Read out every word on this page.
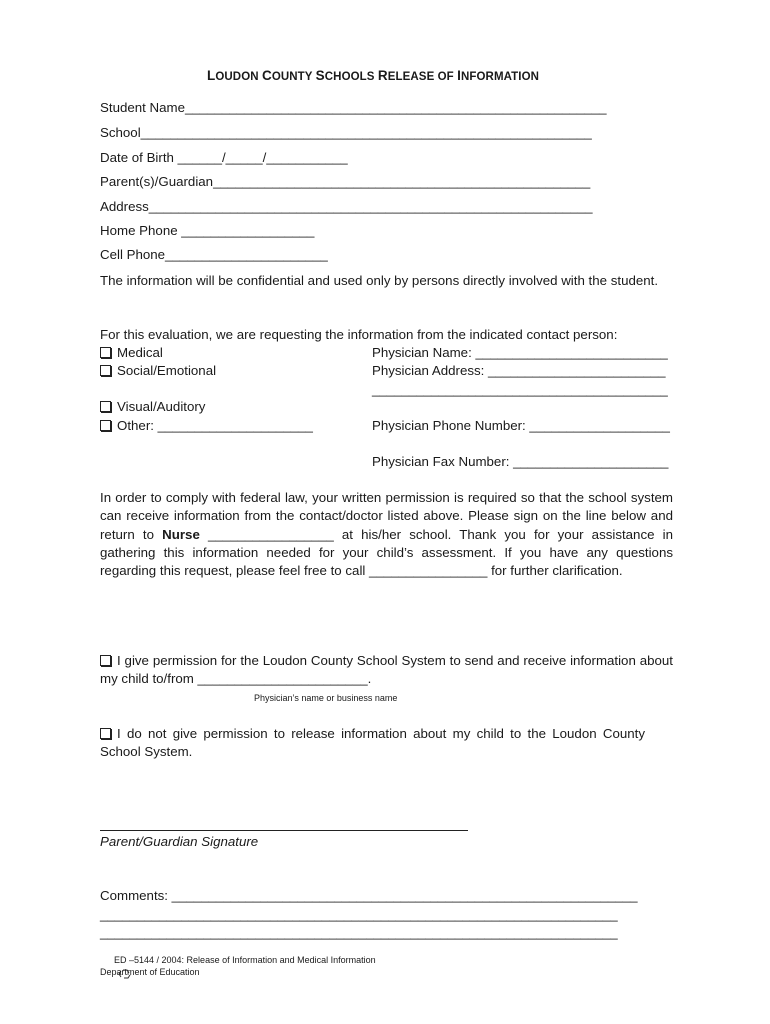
LOUDON COUNTY SCHOOLS RELEASE OF INFORMATION
Student Name_________________________________________________________
School_____________________________________________________________
Date of Birth ______/_____/___________
Parent(s)/Guardian___________________________________________________
Address____________________________________________________________
Home Phone __________________
Cell Phone______________________
The information will be confidential and used only by persons directly involved with the student.
For this evaluation, we are requesting the information from the indicated contact person:
Medical
Social/Emotional
Visual/Auditory
Other: _____________________
Physician Name: __________________________
Physician Address: ________________________
________________________________________
Physician Phone Number: ___________________
Physician Fax Number: _____________________
In order to comply with federal law, your written permission is required so that the school system can receive information from the contact/doctor listed above. Please sign on the line below and return to Nurse _________________ at his/her school. Thank you for your assistance in gathering this information needed for your child’s assessment. If you have any questions regarding this request, please feel free to call ________________ for further clarification.
I give permission for the Loudon County School System to send and receive information about my child to/from _______________________.
Physician’s name or business name
I do not give permission to release information about my child to the Loudon County School System.
Parent/Guardian Signature
Comments: _______________________________________________________________
______________________________________________________________________
______________________________________________________________________

ED –5144 / 2004: Release of Information and Medical Information
Department of Education
